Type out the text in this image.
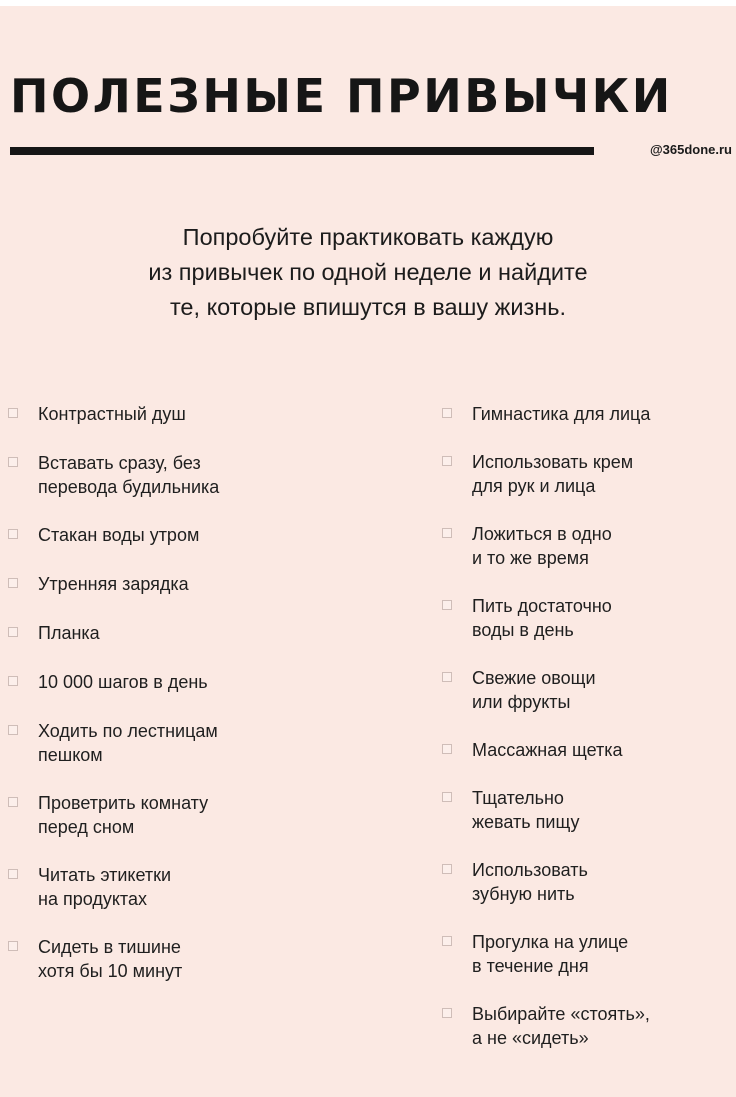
ПОЛЕЗНЫЕ ПРИВЫЧКИ
@365done.ru
Попробуйте практиковать каждую
из привычек по одной неделе и найдите
те, которые впишутся в вашу жизнь.
Контрастный душ
Вставать сразу, без
перевода будильника
Стакан воды утром
Утренняя зарядка
Планка
10 000 шагов в день
Ходить по лестницам
пешком
Проветрить комнату
перед сном
Читать этикетки
на продуктах
Сидеть в тишине
хотя бы 10 минут
Гимнастика для лица
Использовать крем
для рук и лица
Ложиться в одно
и то же время
Пить достаточно
воды в день
Свежие овощи
или фрукты
Массажная щетка
Тщательно
жевать пищу
Использовать
зубную нить
Прогулка на улице
в течение дня
Выбирайте «стоять»,
а не «сидеть»
